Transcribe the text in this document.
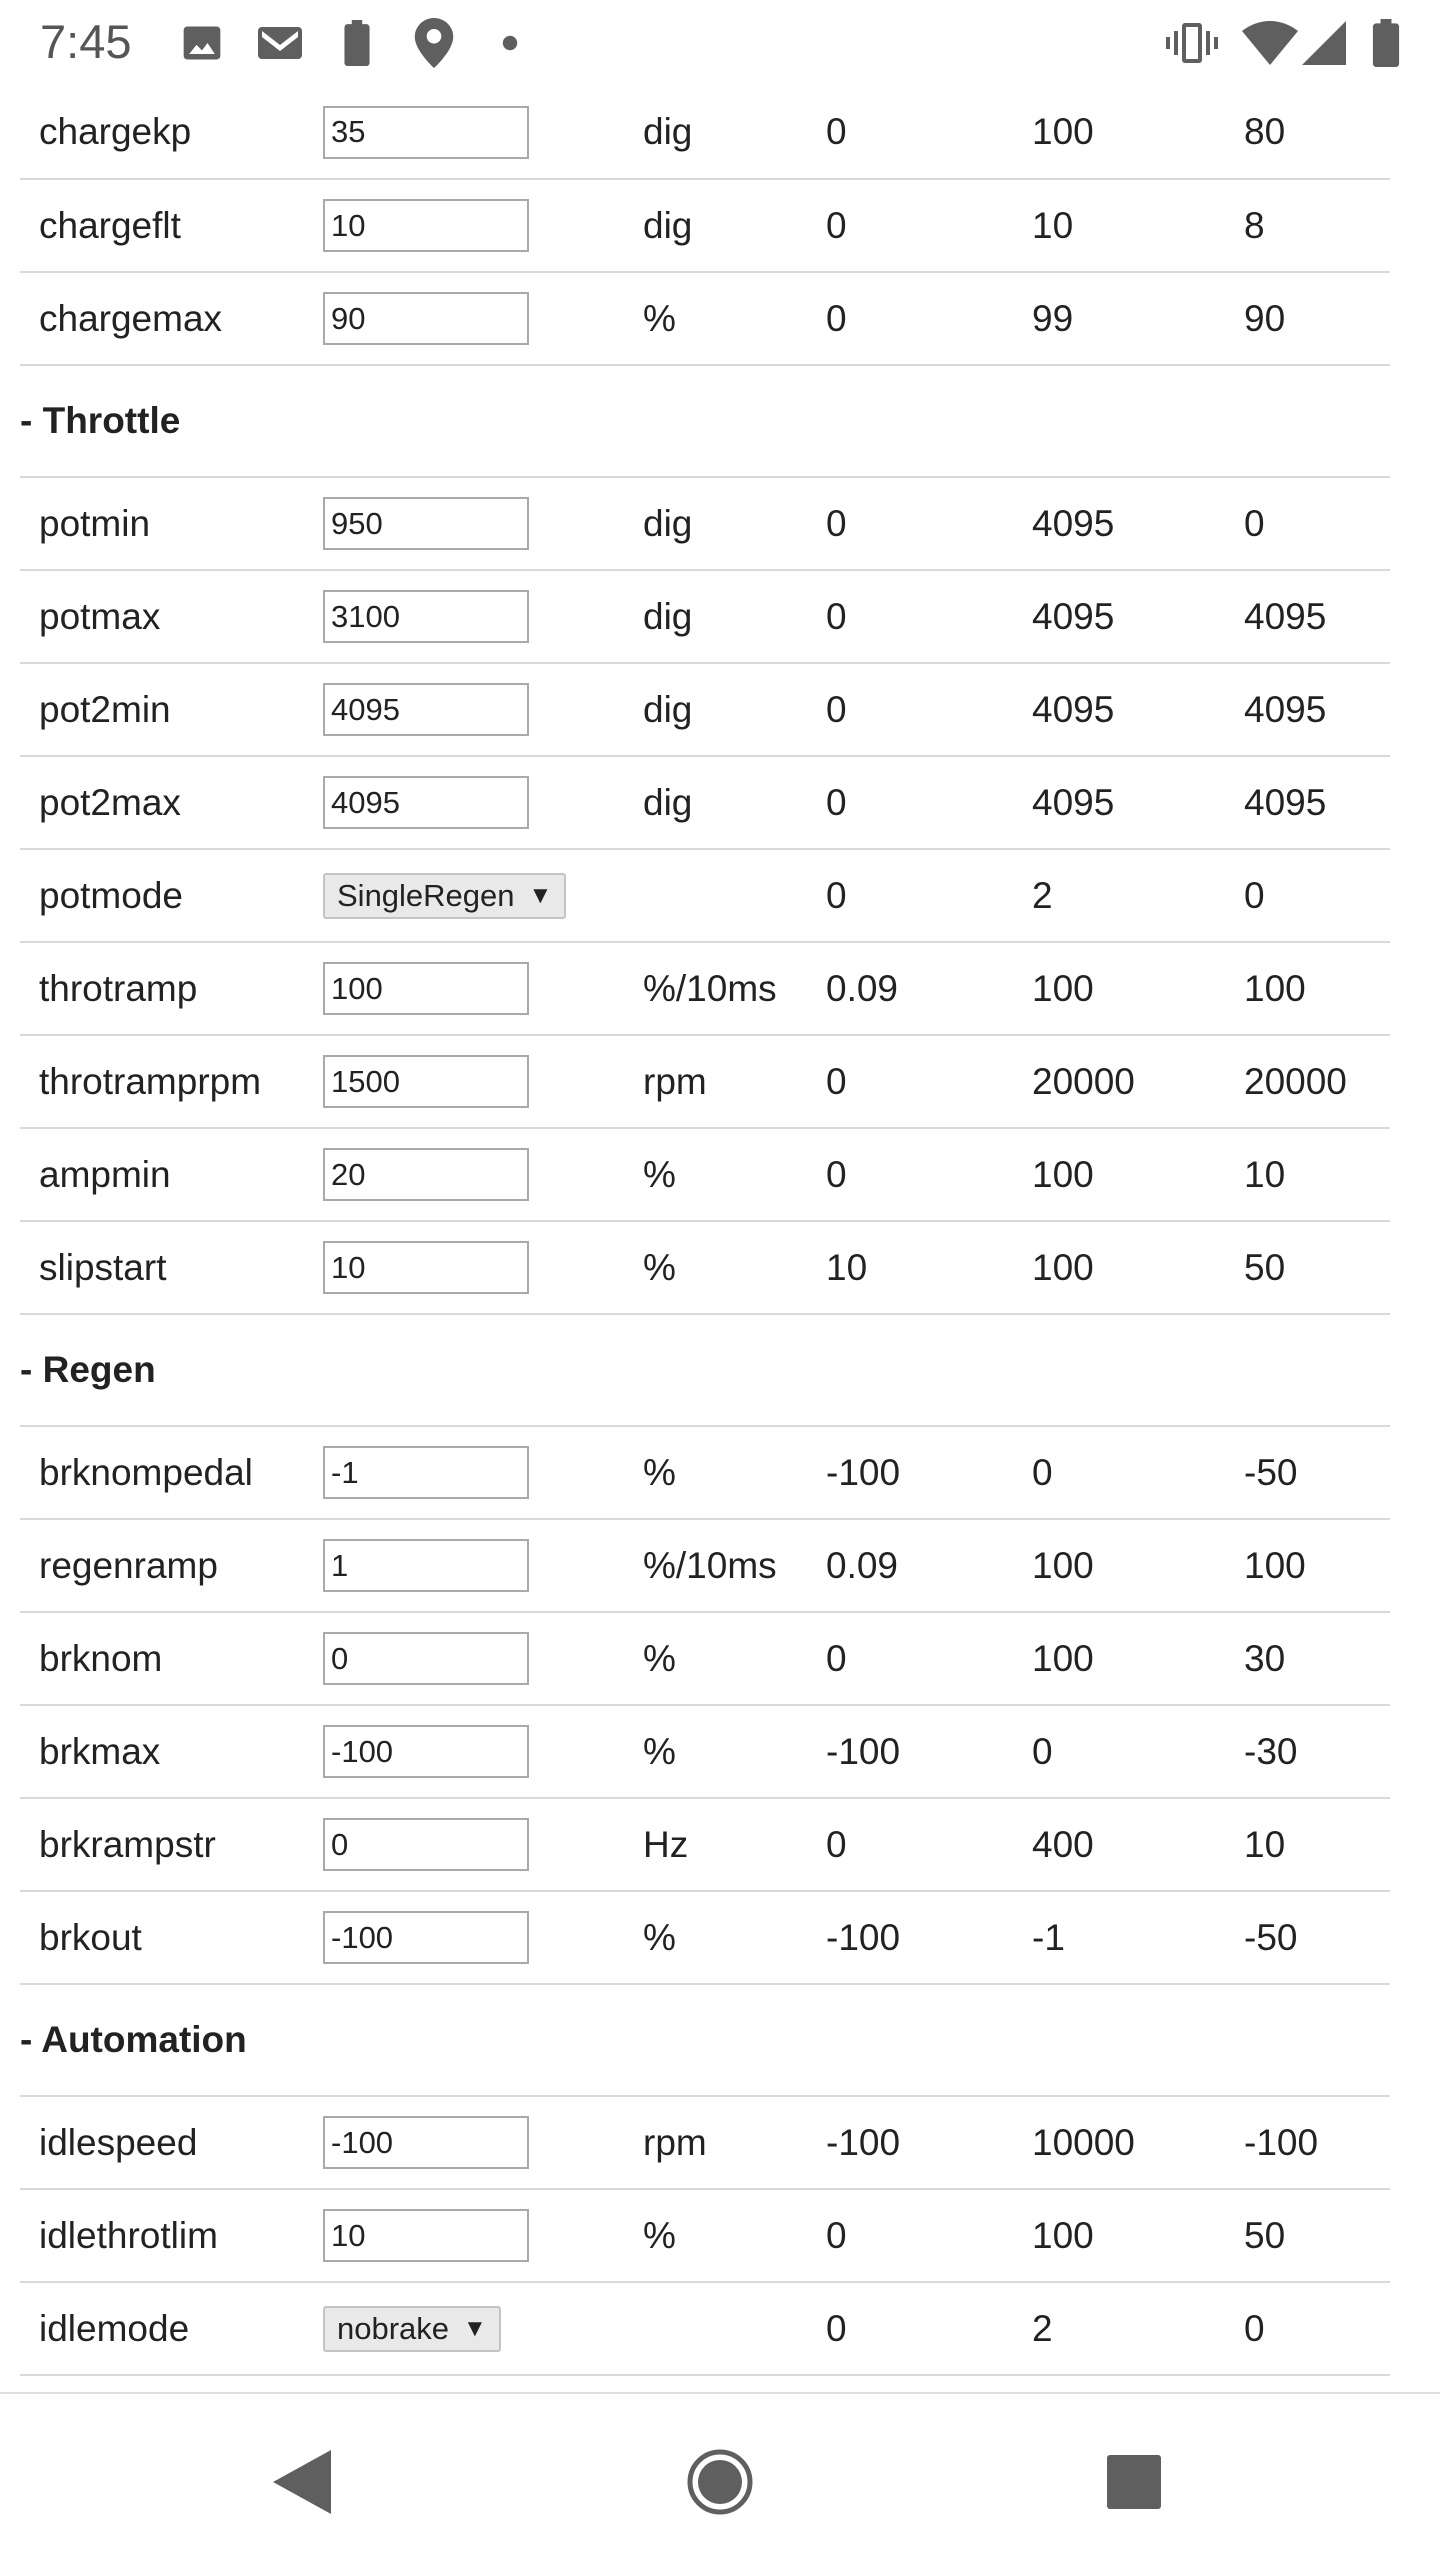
7:45
chargekp	35	dig	0	100	80
chargeflt	10	dig	0	10	8
chargemax	90	%	0	99	90
- Throttle					
potmin	950	dig	0	4095	0
potmax	3100	dig	0	4095	4095
pot2min	4095	dig	0	4095	4095
pot2max	4095	dig	0	4095	4095
potmode	SingleRegen ▼		0	2	0
throtramp	100	%/10ms	0.09	100	100
throtramprpm	1500	rpm	0	20000	20000
ampmin	20	%	0	100	10
slipstart	10	%	10	100	50
- Regen					
brknompedal	-1	%	-100	0	-50
regenramp	1	%/10ms	0.09	100	100
brknom	0	%	0	100	30
brkmax	-100	%	-100	0	-30
brkrampstr	0	Hz	0	400	10
brkout	-100	%	-100	-1	-50
- Automation					
idlespeed	-100	rpm	-100	10000	-100
idlethrotlim	10	%	0	100	50
idlemode	nobrake ▼		0	2	0
